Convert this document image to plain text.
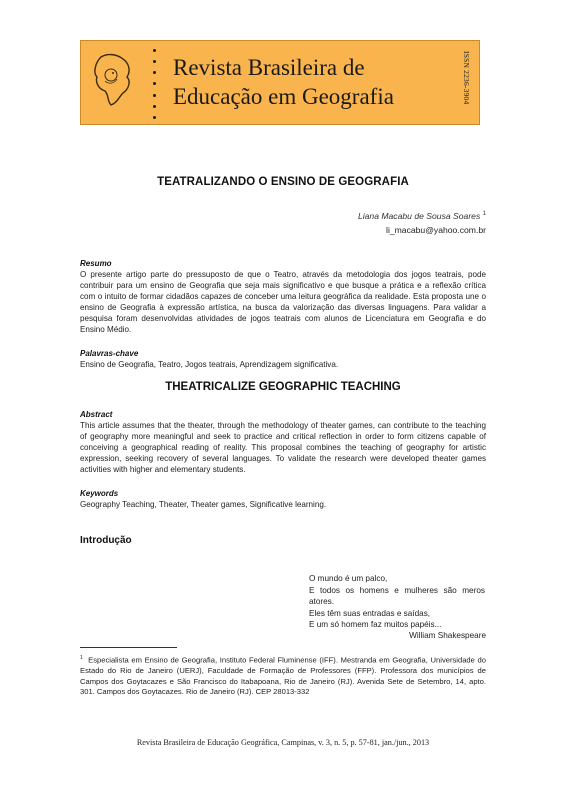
Revista Brasileira de
Educação em Geografia	ISSN 2236-3904
TEATRALIZANDO O ENSINO DE GEOGRAFIA
Liana Macabu de Sousa Soares $^1$
li_macabu@yahoo.com.br
Resumo

O presente artigo parte do pressuposto de que o Teatro, através da metodologia dos jogos teatrais, pode contribuir para um ensino de Geografia que seja mais significativo e que busque a prática e a reflexão crítica com o intuito de formar cidadãos capazes de conceber uma leitura geográfica da realidade. Esta proposta une o ensino de Geografia à expressão artística, na busca da valorização das diversas linguagens. Para validar a pesquisa foram desenvolvidas atividades de jogos teatrais com alunos de Licenciatura em Geografia e do Ensino Médio.

Palavras-chave

Ensino de Geografia, Teatro, Jogos teatrais, Aprendizagem significativa.

THEATRICALIZE GEOGRAPHIC TEACHING
Abstract

This article assumes that the theater, through the methodology of theater games, can contribute to the teaching of geography more meaningful and seek to practice and critical reflection in order to form citizens capable of conceiving a geographical reading of reality. This proposal combines the teaching of geography for artistic expression, seeking recovery of several languages. To validate the research were developed theater games activities with higher and elementary students.

Keywords

Geography Teaching, Theater, Theater games, Significative learning.

Introdução
O mundo é um palco,
E todos os homens e mulheres são meros
atores.
Eles têm suas entradas e saídas,
E um só homem faz muitos papéis...
William Shakespeare

$^1$ Especialista em Ensino de Geografia, Instituto Federal Fluminense (IFF). Mestranda em Geografia, Universidade do Estado do Rio de Janeiro (UERJ), Faculdade de Formação de Professores (FFP). Professora dos municípios de Campos dos Goytacazes e São Francisco do Itabapoana, Rio de Janeiro (RJ). Avenida Sete de Setembro, 14, apto. 301. Campos dos Goytacazes. Rio de Janeiro (RJ). CEP 28013-332

Revista Brasileira de Educação Geográfica, Campinas, v. 3, n. 5, p. 57-81, jan./jun., 2013
